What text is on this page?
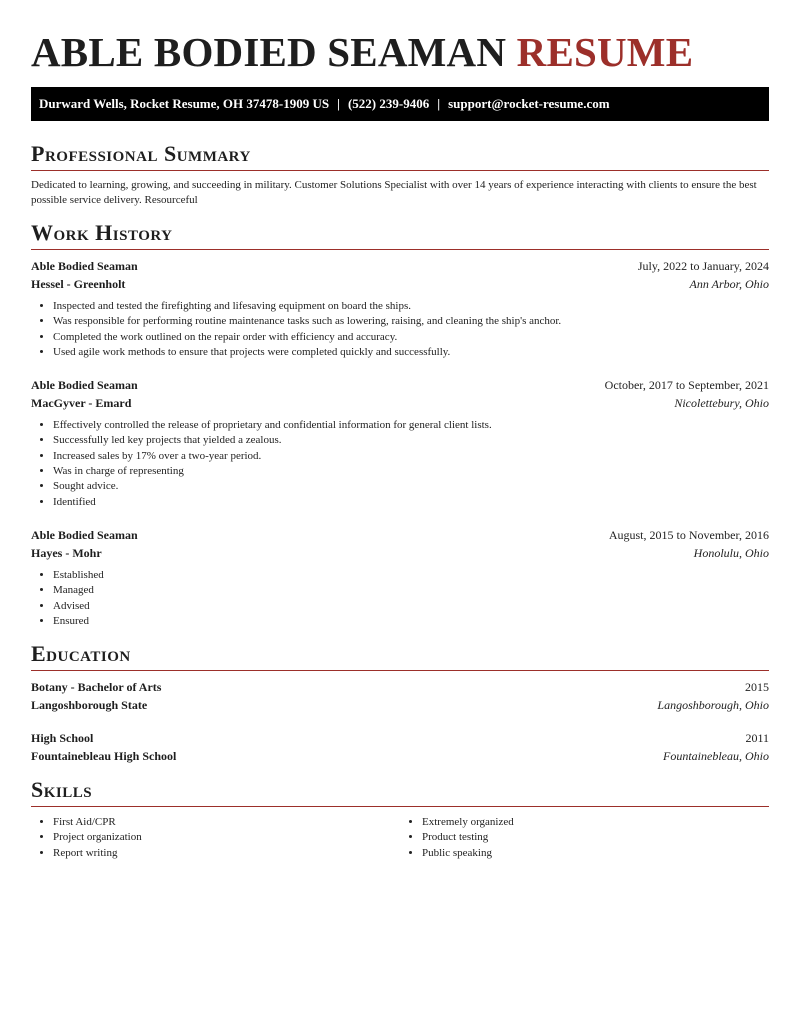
ABLE BODIED SEAMAN RESUME
Durward Wells, Rocket Resume, OH 37478-1909 US | (522) 239-9406 | support@rocket-resume.com
Professional Summary
Dedicated to learning, growing, and succeeding in military. Customer Solutions Specialist with over 14 years of experience interacting with clients to ensure the best possible service delivery. Resourceful
Work History
Able Bodied Seaman	July, 2022 to January, 2024
Hessel - Greenholt	Ann Arbor, Ohio
• Inspected and tested the firefighting and lifesaving equipment on board the ships.
• Was responsible for performing routine maintenance tasks such as lowering, raising, and cleaning the ship's anchor.
• Completed the work outlined on the repair order with efficiency and accuracy.
• Used agile work methods to ensure that projects were completed quickly and successfully.
Able Bodied Seaman	October, 2017 to September, 2021
MacGyver - Emard	Nicolettebury, Ohio
• Effectively controlled the release of proprietary and confidential information for general client lists.
• Successfully led key projects that yielded a zealous.
• Increased sales by 17% over a two-year period.
• Was in charge of representing
• Sought advice.
• Identified
Able Bodied Seaman	August, 2015 to November, 2016
Hayes - Mohr	Honolulu, Ohio
• Established
• Managed
• Advised
• Ensured
Education
Botany - Bachelor of Arts	2015
Langoshborough State	Langoshborough, Ohio
High School	2011
Fountainebleau High School	Fountainebleau, Ohio
Skills
• First Aid/CPR
• Project organization
• Report writing
• Extremely organized
• Product testing
• Public speaking
